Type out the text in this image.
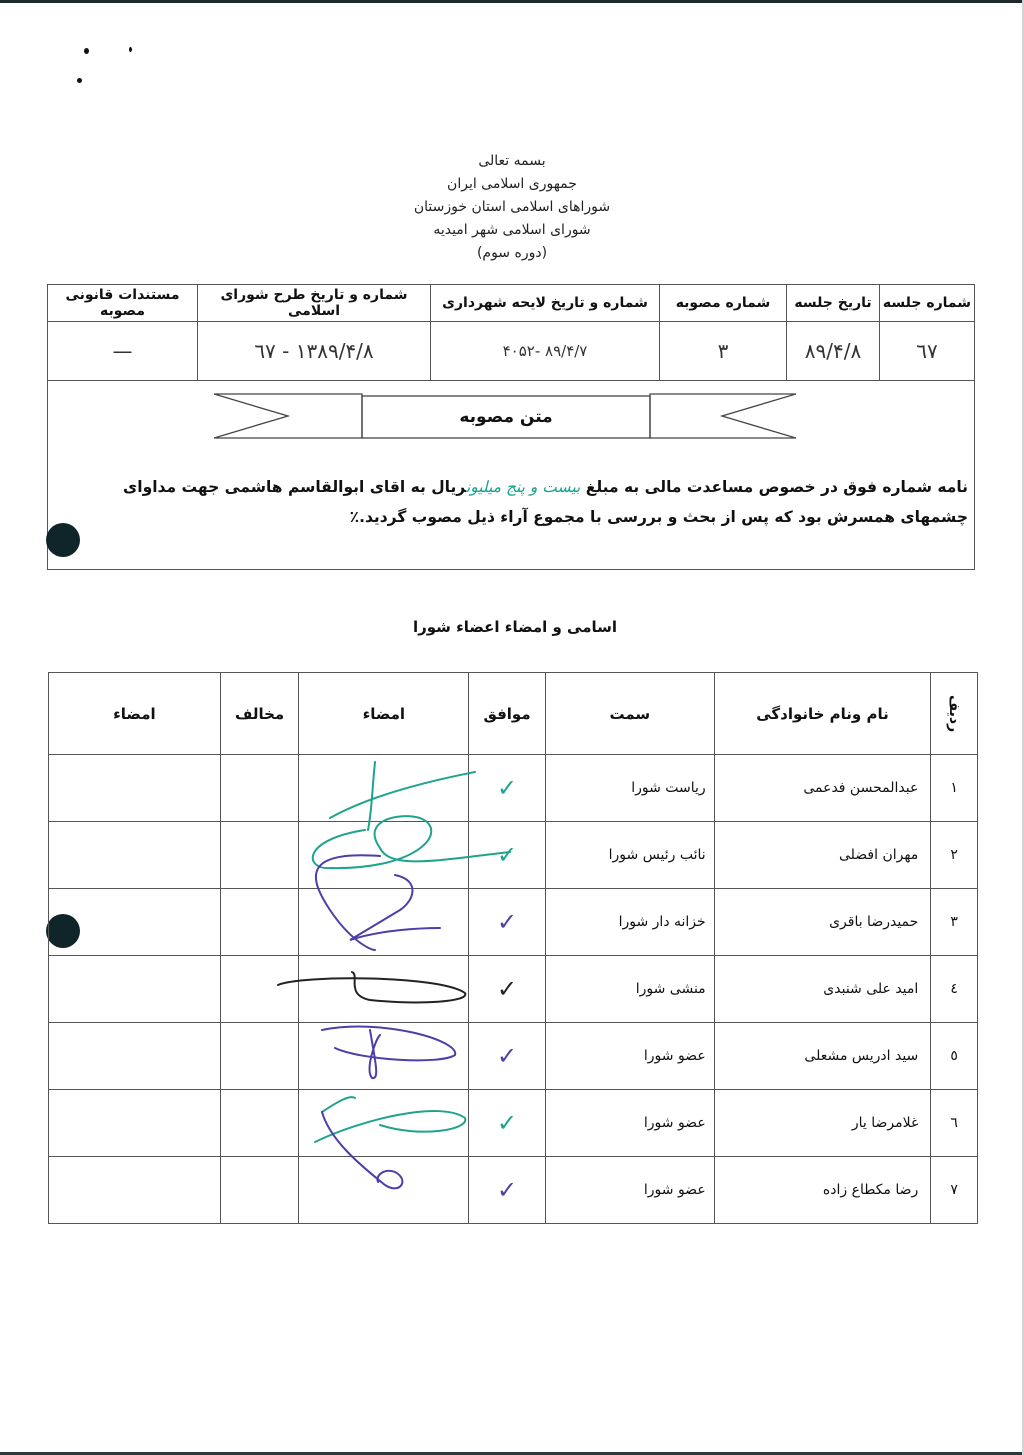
بسمه تعالی
جمهوری اسلامی ایران
شوراهای اسلامی استان خوزستان
شورای اسلامی شهر امیدیه
(دوره سوم)
شماره جلسه	تاریخ جلسه	شماره مصوبه	شماره و تاریخ لایحه شهرداری	شماره و تاریخ طرح شورای اسلامی	مستندات قانونی مصوبه
٦٧	۸۹/۴/۸	۳	۸۹/۴/۷ -۴۰۵۲	۱۳۸۹/۴/۸ - ٦٧	—
متن مصوبه
نامه شماره فوق در خصوص مساعدت مالی به مبلغ بیست و پنج میلیونریال به اقای ابوالقاسم هاشمی جهت مداوای چشمهای همسرش بود که پس از بحث و بررسی با مجموع آراء ذیل مصوب گردید.٪
اسامی و امضاء اعضاء شورا
ردیف	نام ونام خانوادگی	سمت	موافق	امضاء	مخالف	امضاء
۱	عبدالمحسن فدعمی	ریاست شورا	✓			
۲	مهران افضلی	نائب رئیس شورا	✓			
۳	حمیدرضا باقری	خزانه دار شورا	✓			
٤	امید علی شنبدی	منشی شورا	✓			
٥	سید ادریس مشعلی	عضو شورا	✓			
٦	غلامرضا یار	عضو شورا	✓			
۷	رضا مکطاع زاده	عضو شورا	✓			
